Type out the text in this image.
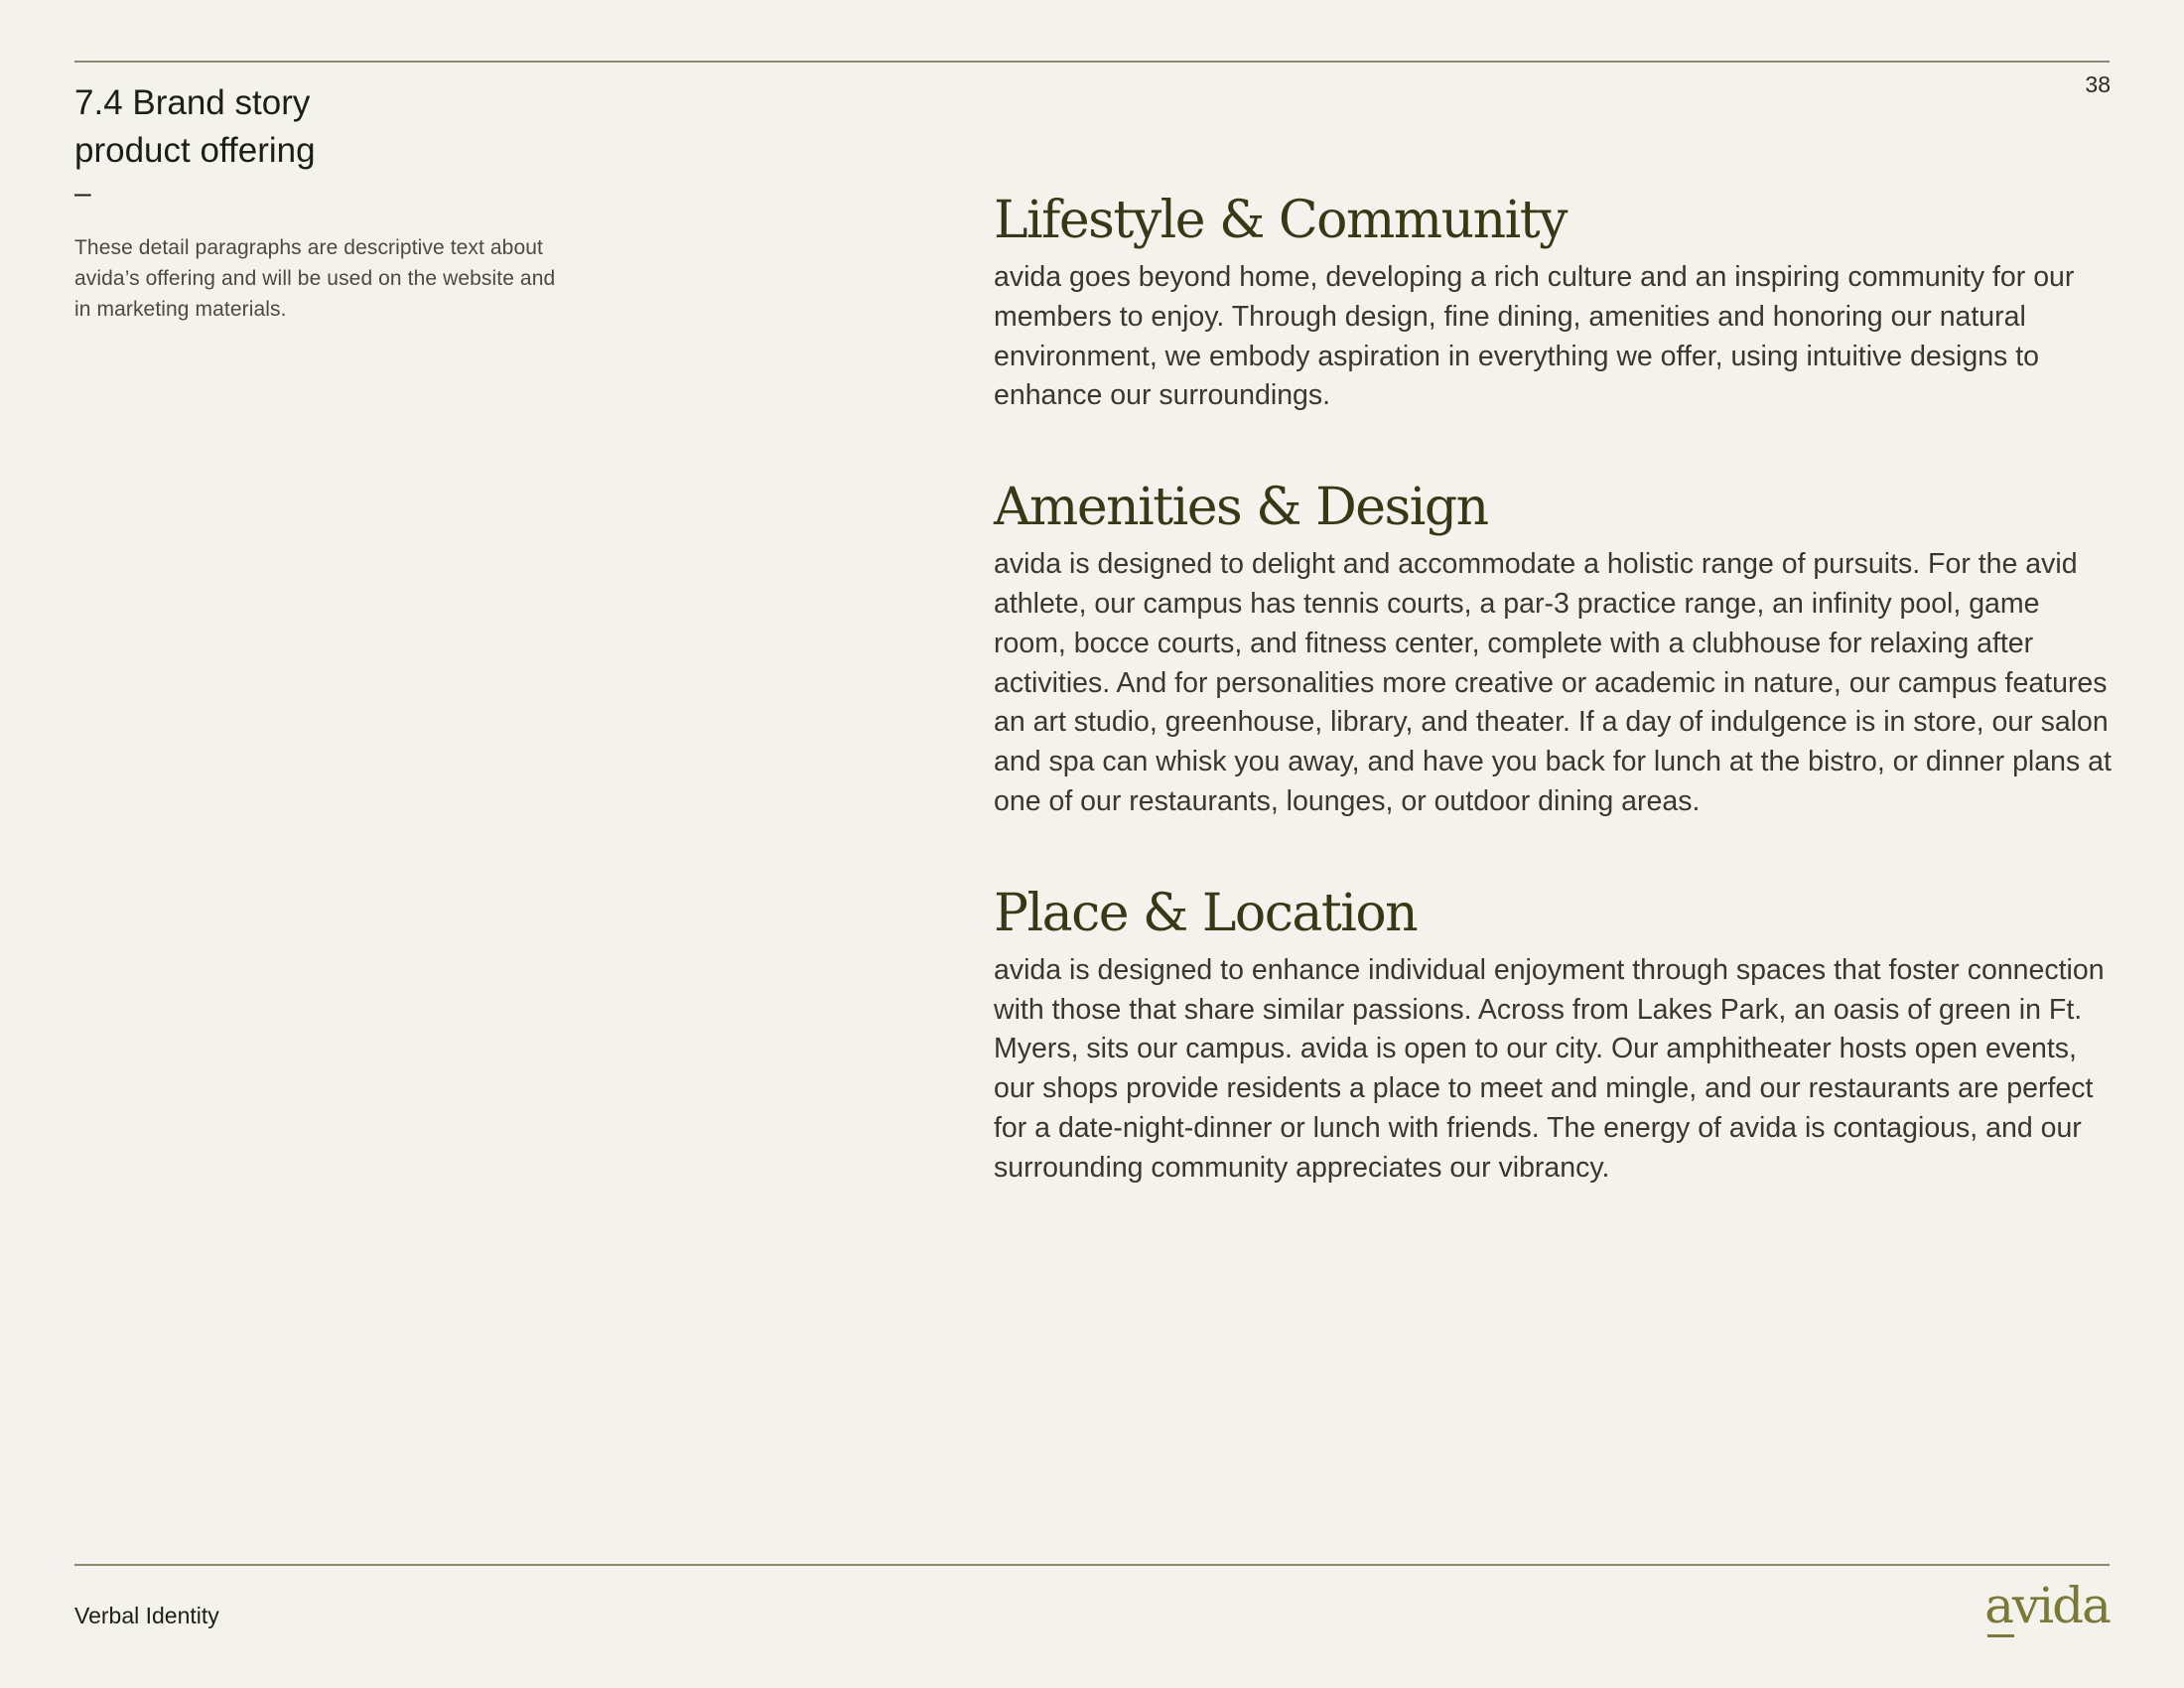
38
7.4 Brand story
product offering
–
These detail paragraphs are descriptive text about avida’s offering and will be used on the website and in marketing materials.
Lifestyle & Community

avida goes beyond home, developing a rich culture and an inspiring community for our members to enjoy. Through design, fine dining, amenities and honoring our natural environment, we embody aspiration in everything we offer, using intuitive designs to enhance our surroundings.

Amenities & Design

avida is designed to delight and accommodate a holistic range of pursuits. For the avid athlete, our campus has tennis courts, a par-3 practice range, an infinity pool, game room, bocce courts, and fitness center, complete with a clubhouse for relaxing after activities. And for personalities more creative or academic in nature, our campus features an art studio, greenhouse, library, and theater. If a day of indulgence is in store, our salon and spa can whisk you away, and have you back for lunch at the bistro, or dinner plans at one of our restaurants, lounges, or outdoor dining areas.

Place & Location

avida is designed to enhance individual enjoyment through spaces that foster connection with those that share similar passions. Across from Lakes Park, an oasis of green in Ft. Myers, sits our campus. avida is open to our city. Our amphitheater hosts open events, our shops provide residents a place to meet and mingle, and our restaurants are perfect for a date-night-dinner or lunch with friends. The energy of avida is contagious, and our surrounding community appreciates our vibrancy.

Verbal Identity	avida
